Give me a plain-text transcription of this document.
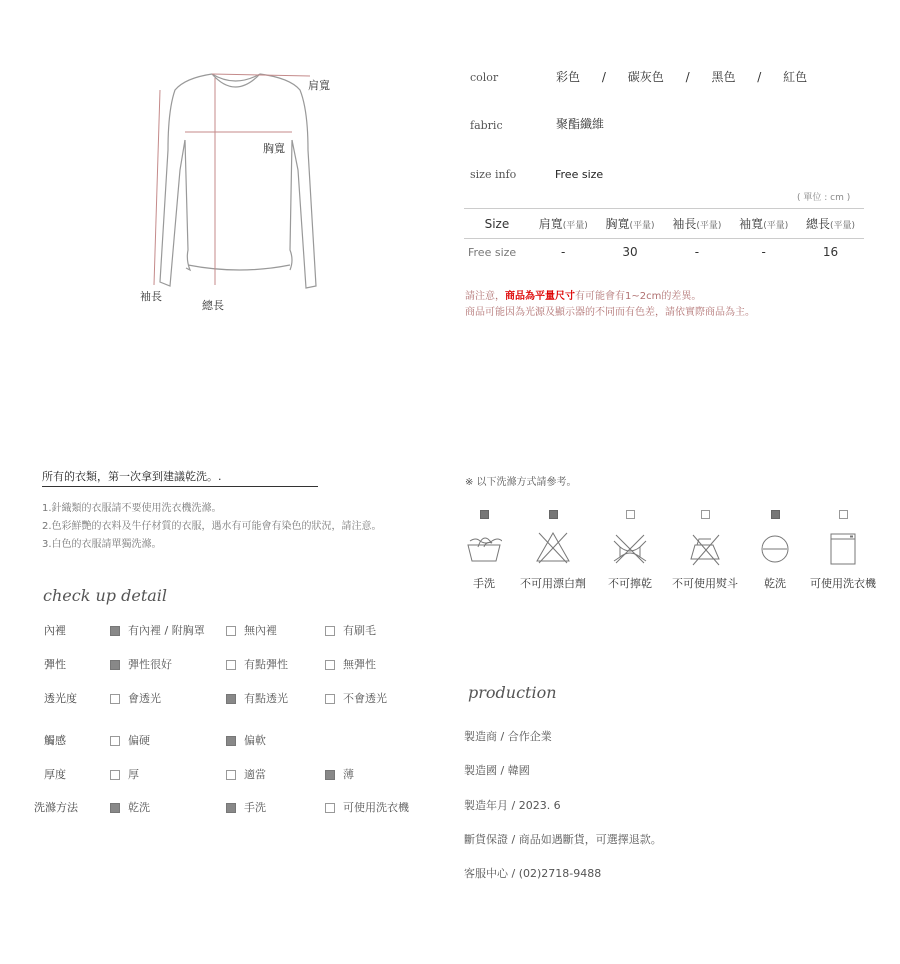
肩寬
胸寬
袖長
總長
color	彩色 / 碳灰色 / 黑色 / 紅色
fabric	聚酯纖維
size info	Free size
( 單位 : cm )
Size	肩寬(平量)	胸寬(平量)	袖長(平量)	袖寬(平量)	總長(平量)
Free size	-	30	-	-	16
請注意，商品為平量尺寸有可能會有1~2cm的差異。
商品可能因為光源及顯示器的不同而有色差，請依實際商品為主。
所有的衣類，第一次拿到建議乾洗。.
1.針織類的衣服請不要使用洗衣機洗滌。
2.色彩鮮艷的衣料及牛仔材質的衣服，遇水有可能會有染色的狀況，請注意。
3.白色的衣服請單獨洗滌。
check up detail
內裡	有內裡 / 附胸罩	無內裡	有刷毛
彈性	彈性很好	有點彈性	無彈性
透光度	會透光	有點透光	不會透光
觸感	偏硬	偏軟
厚度	厚	適當	薄
洗滌方法	乾洗	手洗	可使用洗衣機
※ 以下洗滌方式請參考。
production
製造商 / 合作企業
製造國 / 韓國
製造年月 / 2023. 6
斷貨保證 / 商品如遇斷貨，可選擇退款。
客服中心 / (02)2718-9488
手洗	不可用漂白劑	不可擰乾	不可使用熨斗	乾洗	可使用洗衣機
